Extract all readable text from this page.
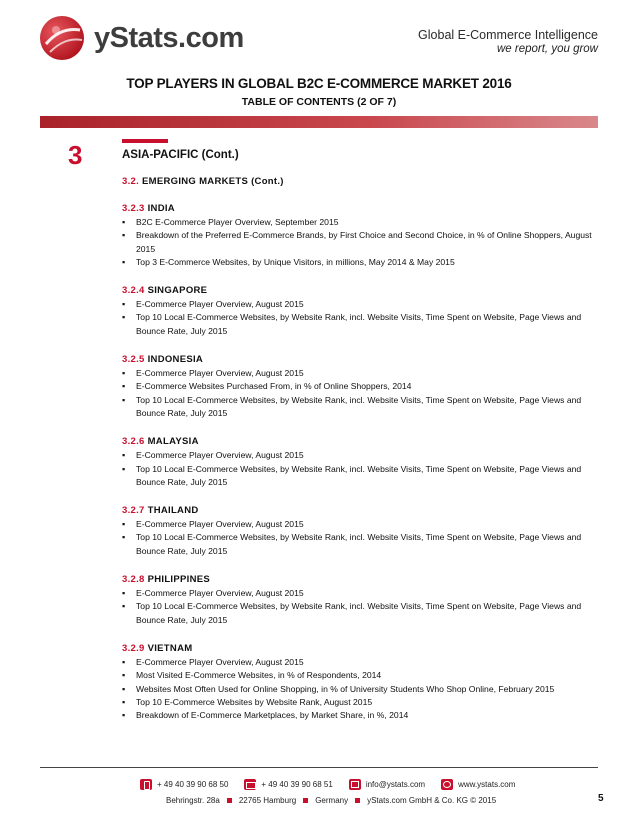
yStats.com	Global E-Commerce Intelligence
we report, you grow
TOP PLAYERS IN GLOBAL B2C E-COMMERCE MARKET 2016
TABLE OF CONTENTS (2 OF 7)
3	ASIA-PACIFIC (Cont.)
3.2. EMERGING MARKETS (Cont.)
3.2.3 INDIA
▪ B2C E-Commerce Player Overview, September 2015
▪ Breakdown of the Preferred E-Commerce Brands, by First Choice and Second Choice, in % of Online Shoppers, August 2015
▪ Top 3 E-Commerce Websites, by Unique Visitors, in millions, May 2014 & May 2015
3.2.4 SINGAPORE
▪ E-Commerce Player Overview, August 2015
▪ Top 10 Local E-Commerce Websites, by Website Rank, incl. Website Visits, Time Spent on Website, Page Views and Bounce Rate, July 2015
3.2.5 INDONESIA
▪ E-Commerce Player Overview, August 2015
▪ E-Commerce Websites Purchased From, in % of Online Shoppers, 2014
▪ Top 10 Local E-Commerce Websites, by Website Rank, incl. Website Visits, Time Spent on Website, Page Views and Bounce Rate, July 2015
3.2.6 MALAYSIA
▪ E-Commerce Player Overview, August 2015
▪ Top 10 Local E-Commerce Websites, by Website Rank, incl. Website Visits, Time Spent on Website, Page Views and Bounce Rate, July 2015
3.2.7 THAILAND
▪ E-Commerce Player Overview, August 2015
▪ Top 10 Local E-Commerce Websites, by Website Rank, incl. Website Visits, Time Spent on Website, Page Views and Bounce Rate, July 2015
3.2.8 PHILIPPINES
▪ E-Commerce Player Overview, August 2015
▪ Top 10 Local E-Commerce Websites, by Website Rank, incl. Website Visits, Time Spent on Website, Page Views and Bounce Rate, July 2015
3.2.9 VIETNAM
▪ E-Commerce Player Overview, August 2015
▪ Most Visited E-Commerce Websites, in % of Respondents, 2014
▪ Websites Most Often Used for Online Shopping, in % of University Students Who Shop Online, February 2015
▪ Top 10 E-Commerce Websites by Website Rank, August 2015
▪ Breakdown of E-Commerce Marketplaces, by Market Share, in %, 2014
+ 49 40 39 90 68 50	+ 49 40 39 90 68 51	info@ystats.com	www.ystats.com
Behringstr. 28a 22765 Hamburg Germany yStats.com GmbH & Co. KG © 2015	5
